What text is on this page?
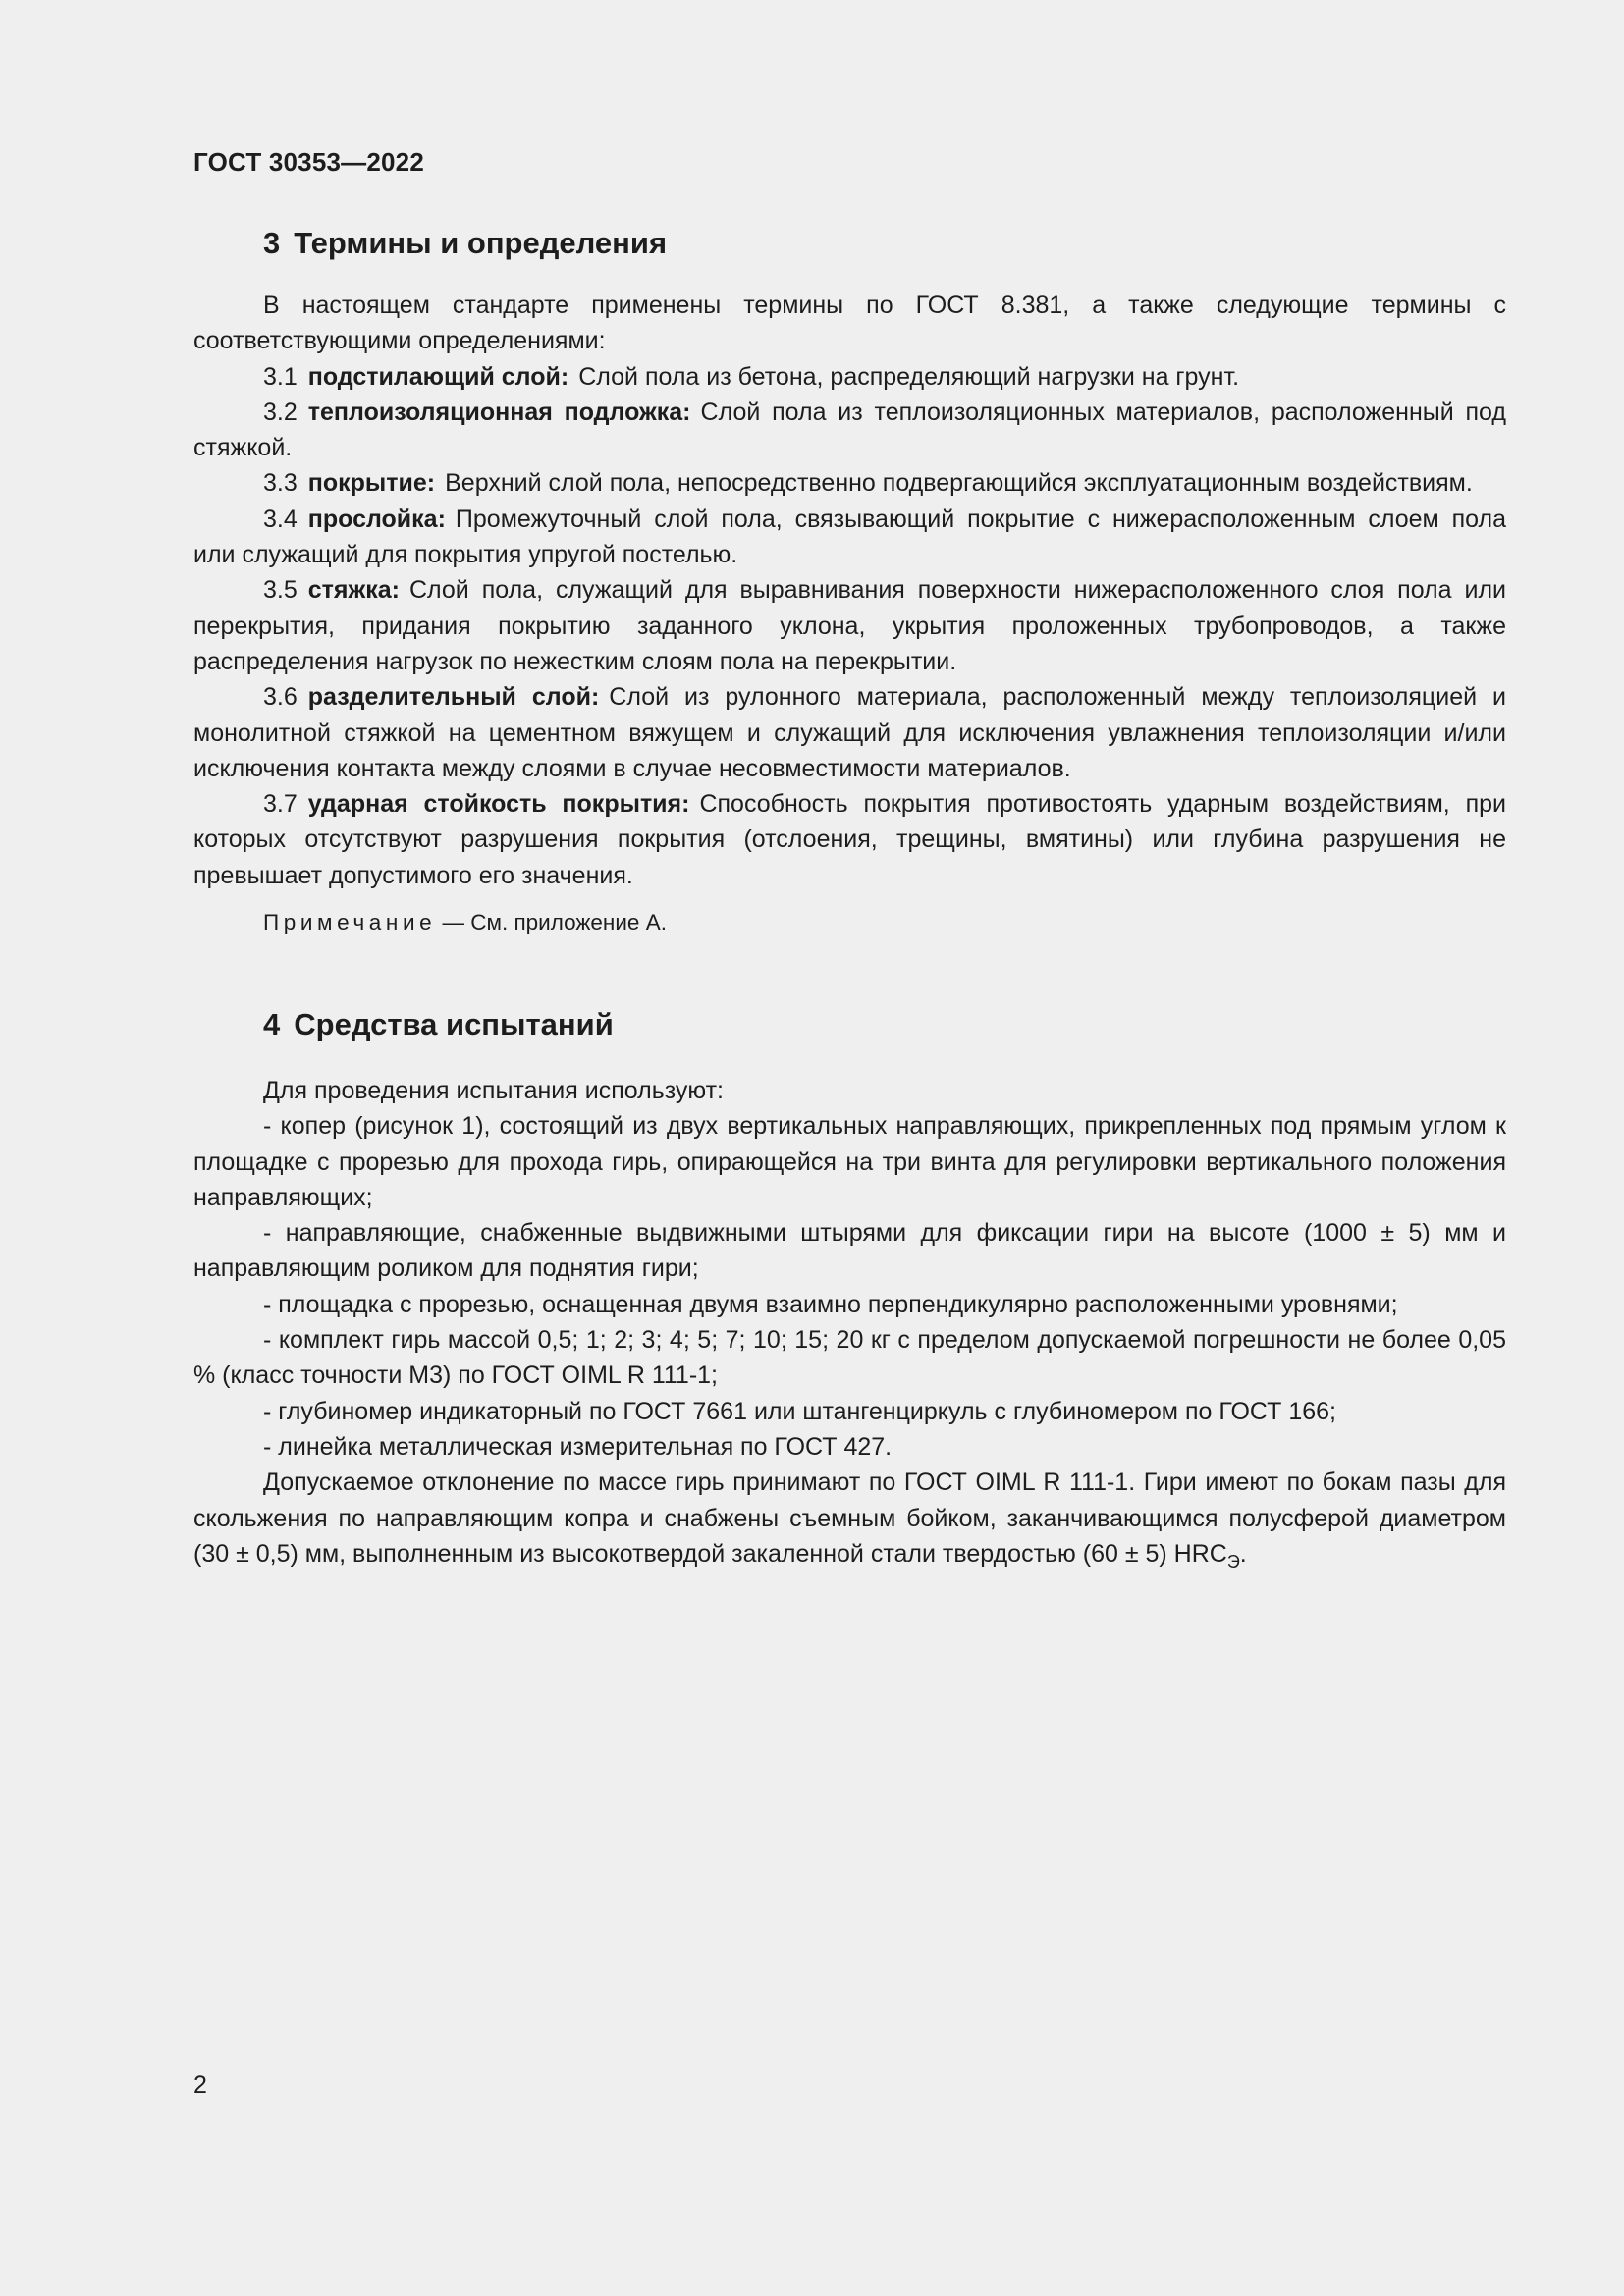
ГОСТ 30353—2022
3 Термины и определения

В настоящем стандарте применены термины по ГОСТ 8.381, а также следующие термины с соответствующими определениями:

3.1 подстилающий слой: Слой пола из бетона, распределяющий нагрузки на грунт.

3.2 теплоизоляционная подложка: Слой пола из теплоизоляционных материалов, расположенный под стяжкой.

3.3 покрытие: Верхний слой пола, непосредственно подвергающийся эксплуатационным воздействиям.

3.4 прослойка: Промежуточный слой пола, связывающий покрытие с нижерасположенным слоем пола или служащий для покрытия упругой постелью.

3.5 стяжка: Слой пола, служащий для выравнивания поверхности нижерасположенного слоя пола или перекрытия, придания покрытию заданного уклона, укрытия проложенных трубопроводов, а также распределения нагрузок по нежестким слоям пола на перекрытии.

3.6 разделительный слой: Слой из рулонного материала, расположенный между теплоизоляцией и монолитной стяжкой на цементном вяжущем и служащий для исключения увлажнения теплоизоляции и/или исключения контакта между слоями в случае несовместимости материалов.

3.7 ударная стойкость покрытия: Способность покрытия противостоять ударным воздействиям, при которых отсутствуют разрушения покрытия (отслоения, трещины, вмятины) или глубина разрушения не превышает допустимого его значения.

Примечание — См. приложение А.

4 Средства испытаний

Для проведения испытания используют:

- копер (рисунок 1), состоящий из двух вертикальных направляющих, прикрепленных под прямым углом к площадке с прорезью для прохода гирь, опирающейся на три винта для регулировки вертикального положения направляющих;

- направляющие, снабженные выдвижными штырями для фиксации гири на высоте (1000 ± 5) мм и направляющим роликом для поднятия гири;

- площадка с прорезью, оснащенная двумя взаимно перпендикулярно расположенными уровнями;

- комплект гирь массой 0,5; 1; 2; 3; 4; 5; 7; 10; 15; 20 кг с пределом допускаемой погрешности не более 0,05 % (класс точности М3) по ГОСТ OIML R 111-1;

- глубиномер индикаторный по ГОСТ 7661 или штангенциркуль с глубиномером по ГОСТ 166;

- линейка металлическая измерительная по ГОСТ 427.

Допускаемое отклонение по массе гирь принимают по ГОСТ OIML R 111-1. Гири имеют по бокам пазы для скольжения по направляющим копра и снабжены съемным бойком, заканчивающимся полусферой диаметром (30 ± 0,5) мм, выполненным из высокотвердой закаленной стали твердостью (60 ± 5) $HRC_Э$.

2
